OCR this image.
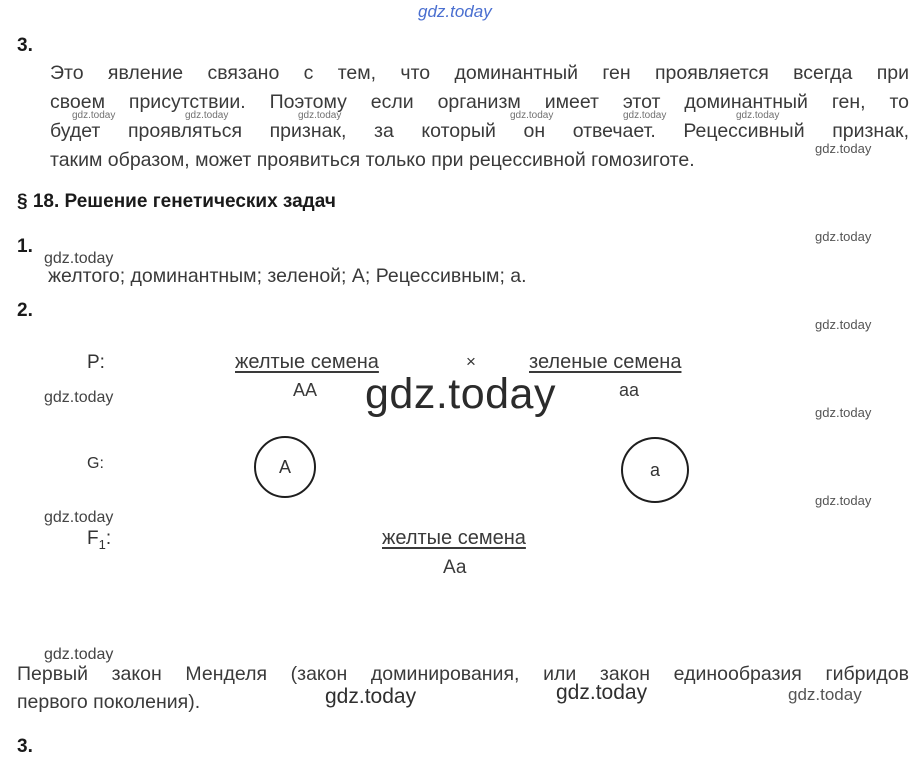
gdz.today
3.
Это явление связано с тем, что доминантный ген проявляется всегда при
своем присутствии. Поэтому если организм имеет этот доминантный ген, то
будет проявляться признак, за который он отвечает. Рецессивный признак,
таким образом, может проявиться только при рецессивной гомозиготе.
gdz.today	gdz.today	gdz.today	gdz.today	gdz.today	gdz.today
gdz.today
§ 18. Решение генетических задач
1.
gdz.today
gdz.today
желтого; доминантным; зеленой; А; Рецессивным; а.
2.
gdz.today
P:	желтые семена
АА
×	зеленые семена
аа
gdz.today
gdz.today
gdz.today
G:	А	а
gdz.today
gdz.today
$F_1$:	желтые семена
Аа
gdz.today
Первый закон Менделя (закон доминирования, или закон единообразия гибридов
первого поколения).	gdz.today	gdz.today	gdz.today
3.
